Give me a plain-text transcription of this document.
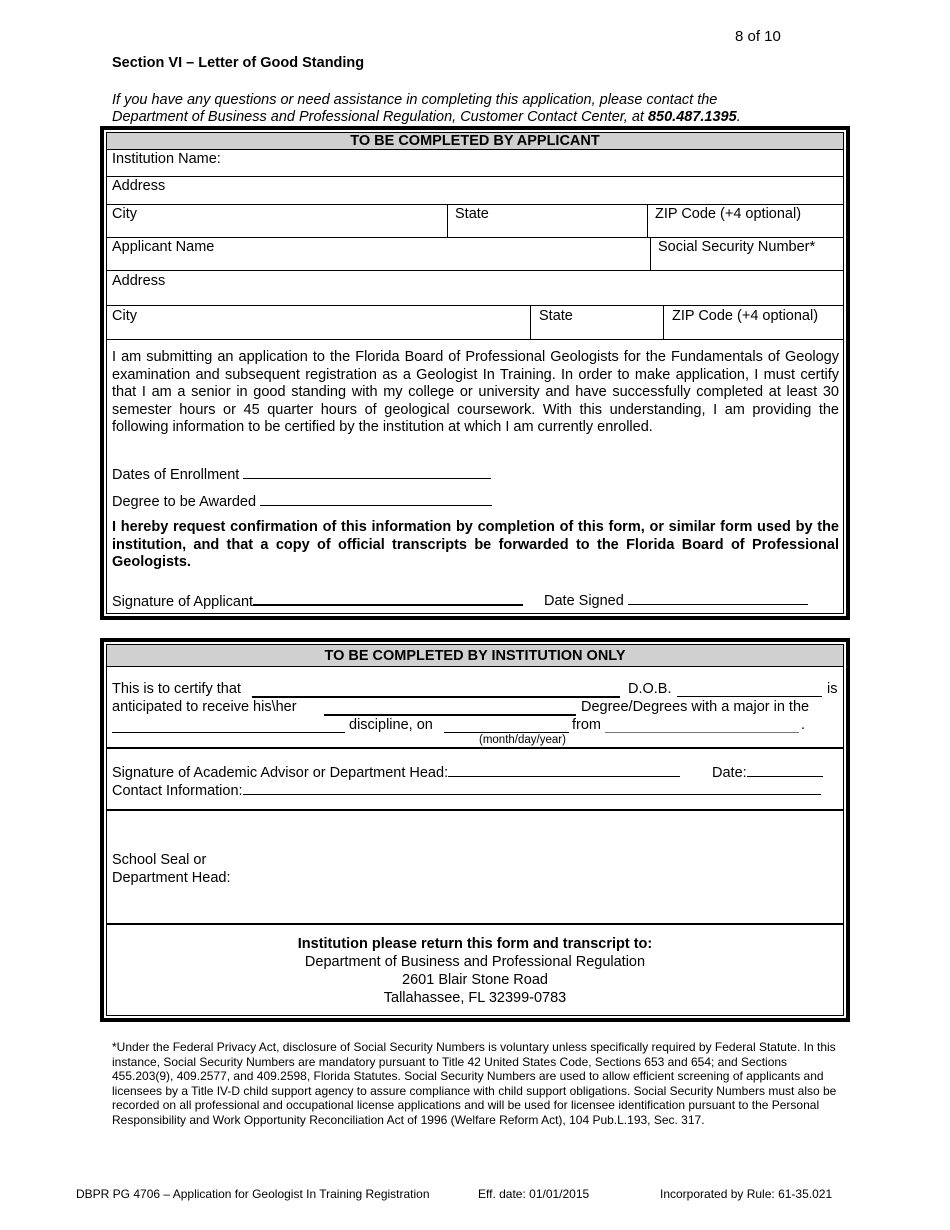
8 of 10
Section VI – Letter of Good Standing
If you have any questions or need assistance in completing this application, please contact the
Department of Business and Professional Regulation, Customer Contact Center, at 850.487.1395.
TO BE COMPLETED BY APPLICANT
Institution Name:
Address
City	State	ZIP Code (+4 optional)
Applicant Name	Social Security Number*
Address
City	State	ZIP Code (+4 optional)
I am submitting an application to the Florida Board of Professional Geologists for the Fundamentals of Geology examination and subsequent registration as a Geologist In Training. In order to make application, I must certify that I am a senior in good standing with my college or university and have successfully completed at least 30 semester hours or 45 quarter hours of geological coursework. With this understanding, I am providing the following information to be certified by the institution at which I am currently enrolled.
Dates of Enrollment
Degree to be Awarded
I hereby request confirmation of this information by completion of this form, or similar form used by the institution, and that a copy of official transcripts be forwarded to the Florida Board of Professional Geologists.
Signature of Applicant	Date Signed
TO BE COMPLETED BY INSTITUTION ONLY
This is to certify that	D.O.B.	is
anticipated to receive his\her	Degree/Degrees with a major in the
discipline, on	from	.
(month/day/year)
Signature of Academic Advisor or Department Head:	Date:
Contact Information:
School Seal or
Department Head:
Institution please return this form and transcript to:
Department of Business and Professional Regulation
2601 Blair Stone Road
Tallahassee, FL 32399-0783
*Under the Federal Privacy Act, disclosure of Social Security Numbers is voluntary unless specifically required by Federal Statute. In this instance, Social Security Numbers are mandatory pursuant to Title 42 United States Code, Sections 653 and 654; and Sections 455.203(9), 409.2577, and 409.2598, Florida Statutes. Social Security Numbers are used to allow efficient screening of applicants and licensees by a Title IV-D child support agency to assure compliance with child support obligations. Social Security Numbers must also be recorded on all professional and occupational license applications and will be used for licensee identification pursuant to the Personal Responsibility and Work Opportunity Reconciliation Act of 1996 (Welfare Reform Act), 104 Pub.L.193, Sec. 317.
DBPR PG 4706 – Application for Geologist In Training Registration	Eff. date: 01/01/2015	Incorporated by Rule: 61-35.021
